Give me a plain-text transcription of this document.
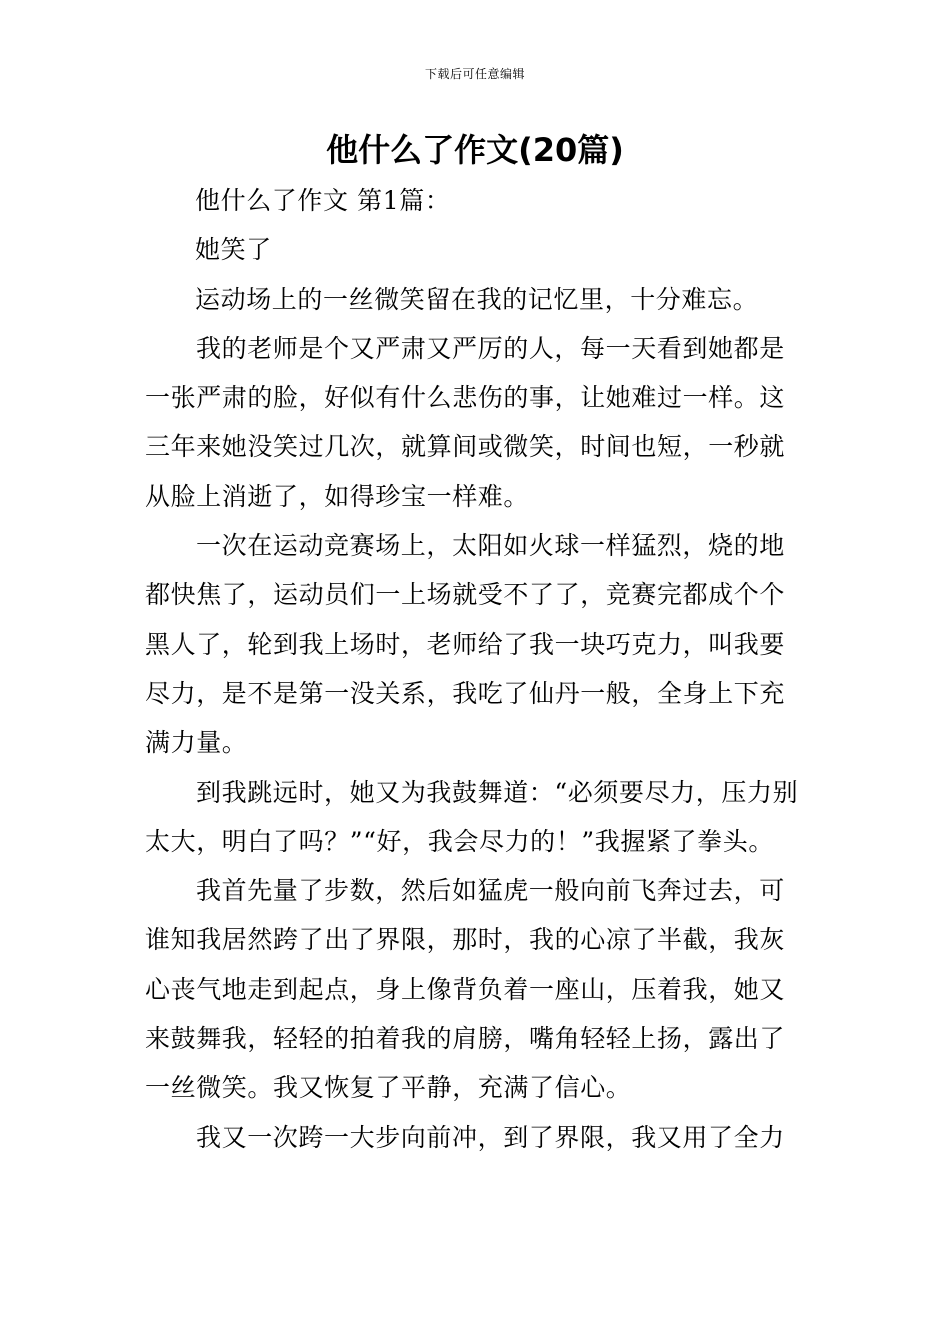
下载后可任意编辑
他什么了作文(20篇)

他什么了作文 第1篇：

她笑了

运动场上的一丝微笑留在我的记忆里，十分难忘。

我的老师是个又严肃又严厉的人，每一天看到她都是一张严肃的脸，好似有什么悲伤的事，让她难过一样。这三年来她没笑过几次，就算间或微笑，时间也短，一秒就从脸上消逝了，如得珍宝一样难。

一次在运动竞赛场上，太阳如火球一样猛烈，烧的地都快焦了，运动员们一上场就受不了了，竞赛完都成个个黑人了，轮到我上场时，老师给了我一块巧克力，叫我要尽力，是不是第一没关系，我吃了仙丹一般，全身上下充满力量。

到我跳远时，她又为我鼓舞道：“必须要尽力，压力别太大，明白了吗？”“好，我会尽力的！”我握紧了拳头。

我首先量了步数，然后如猛虎一般向前飞奔过去，可谁知我居然跨了出了界限，那时，我的心凉了半截，我灰心丧气地走到起点，身上像背负着一座山，压着我，她又来鼓舞我，轻轻的拍着我的肩膀，嘴角轻轻上扬，露出了一丝微笑。我又恢复了平静，充满了信心。

我又一次跨一大步向前冲，到了界限，我又用了全力
